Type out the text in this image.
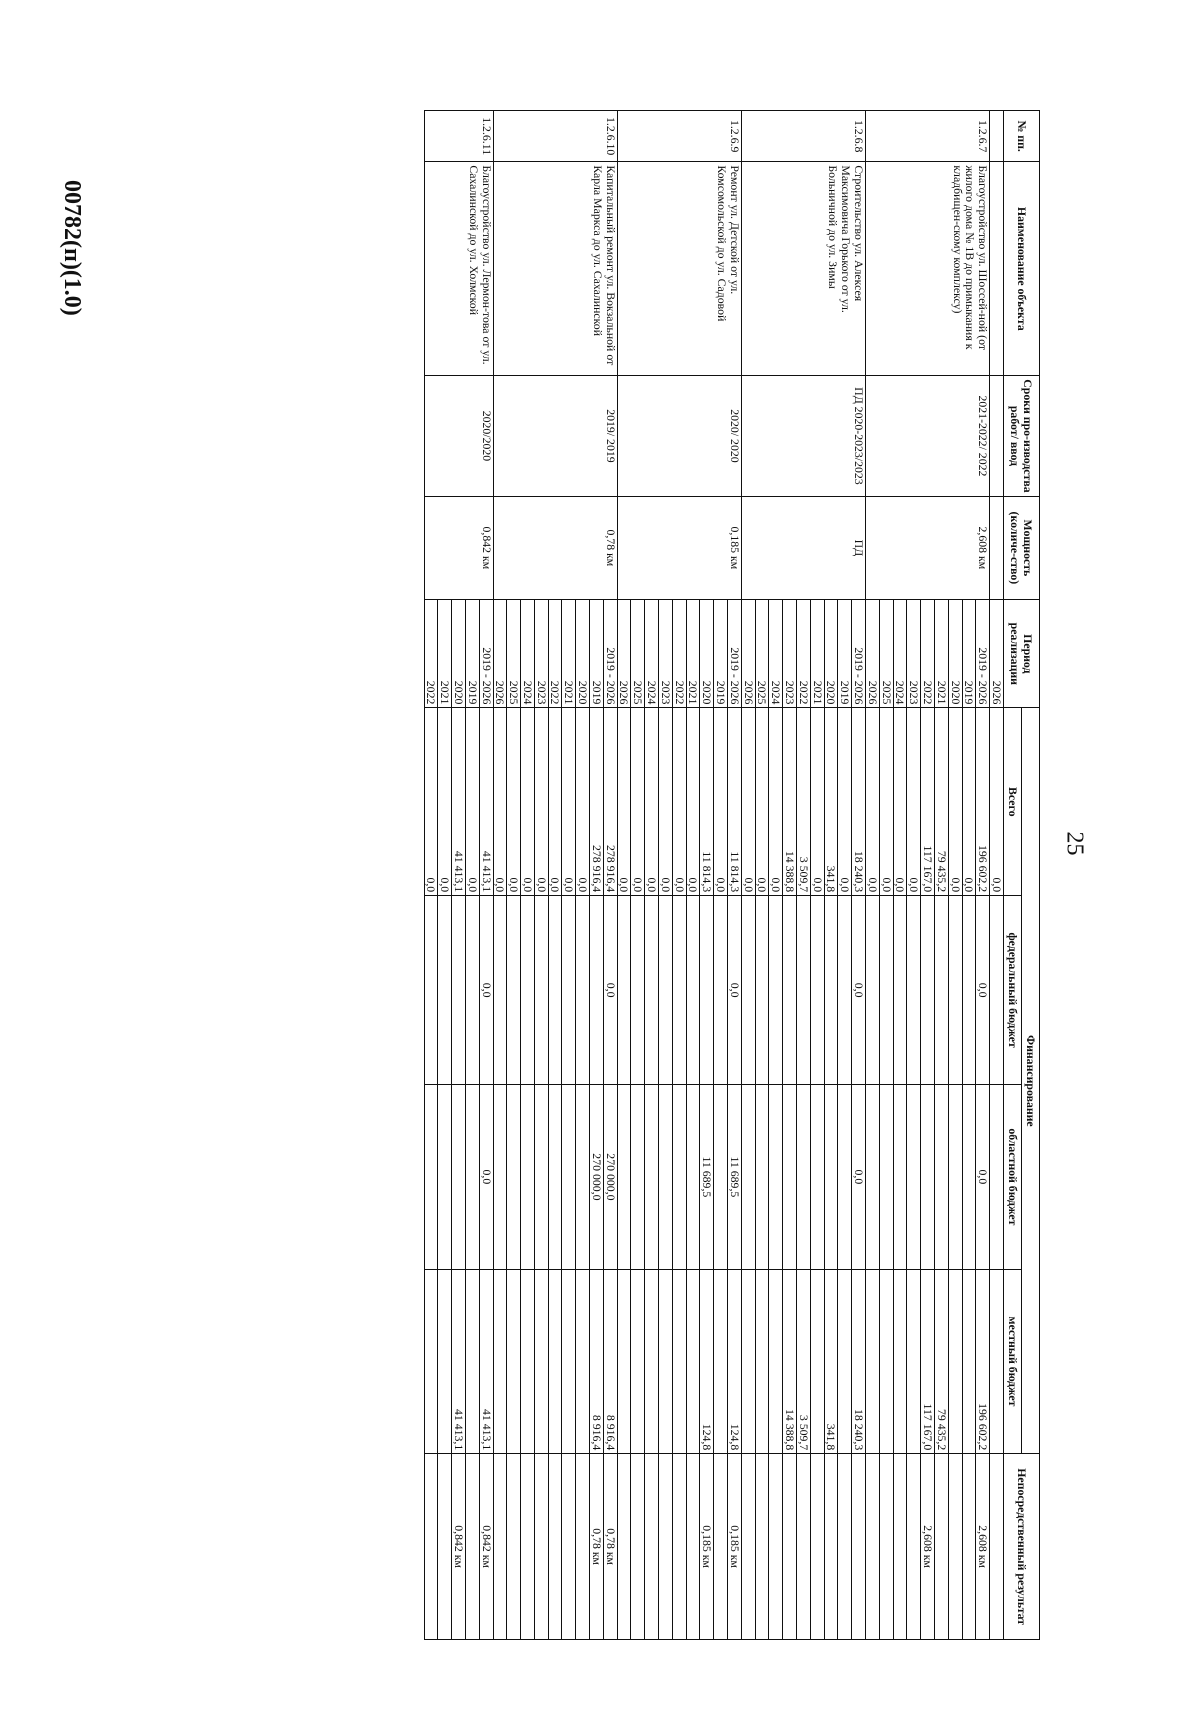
25
00782(п)(1.0)
№ пп.	Наименование объекта	Сроки про-изводства работ/ ввод	Мощность (количе-ство)	Период реализации	Финансирование				Непосредственный результат
					Всего	федеральный бюджет	областной бюджет	местный бюджет	
				2026	0,0				
1.2.6.7	Благоустройство ул. Шоссей-ной (от жилого дома № 1В до примыкания к кладбищен-скому комплексу)	2021-2022/ 2022	2,608 км	2019 - 2026	196 602,2	0,0	0,0	196 602,2	2,608 км
				2019	0,0				
				2020	0,0				
				2021	79 435,2			79 435,2	
				2022	117 167,0			117 167,0	2,608 км
				2023	0,0				
				2024	0,0				
				2025	0,0				
				2026	0,0				
1.2.6.8	Строительство ул. Алексея Максимовича Горького от ул. Больничной до ул. Зимы	ПД 2020-2023/2023	ПД	2019 - 2026	18 240,3	0,0	0,0	18 240,3	
				2019	0,0				
				2020	341,8			341,8	
				2021	0,0				
				2022	3 509,7			3 509,7	
				2023	14 388,8			14 388,8	
				2024	0,0				
				2025	0,0				
				2026	0,0				
1.2.6.9	Ремонт ул. Детской от ул. Комсомольской до ул. Садовой	2020/ 2020	0,185 км	2019 - 2026	11 814,3	0,0	11 689,5	124,8	0,185 км
				2019	0,0				
				2020	11 814,3		11 689,5	124,8	0,185 км
				2021	0,0				
				2022	0,0				
				2023	0,0				
				2024	0,0				
				2025	0,0				
				2026	0,0				
1.2.6.10	Капитальный ремонт ул. Вокзальной от Карла Маркса до ул. Сахалинской	2019/ 2019	0,78 км	2019 - 2026	278 916,4	0,0	270 000,0	8 916,4	0,78 км
				2019	278 916,4		270 000,0	8 916,4	0,78 км
				2020	0,0				
				2021	0,0				
				2022	0,0				
				2023	0,0				
				2024	0,0				
				2025	0,0				
				2026	0,0				
1.2.6.11	Благоустройство ул. Лермон-това от ул. Сахалинской до ул. Холмской	2020/2020	0,842 км	2019 - 2026	41 413,1	0,0	0,0	41 413,1	0,842 км
				2019	0,0				
				2020	41 413,1			41 413,1	0,842 км
				2021	0,0				
				2022	0,0				
